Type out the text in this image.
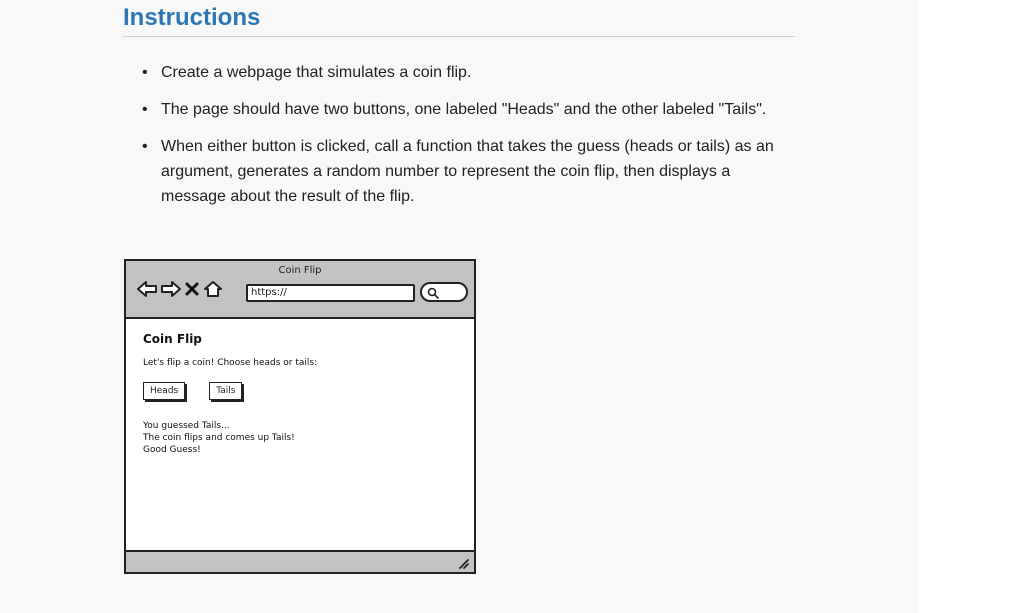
Instructions
• Create a webpage that simulates a coin flip.
• The page should have two buttons, one labeled "Heads" and the other labeled "Tails".
• When either button is clicked, call a function that takes the guess (heads or tails) as an argument, generates a random number to represent the coin flip, then displays a message about the result of the flip.
Coin Flip
https://
Coin Flip
Let's flip a coin! Choose heads or tails:
Heads	Tails
You guessed Tails...
The coin flips and comes up Tails!
Good Guess!
